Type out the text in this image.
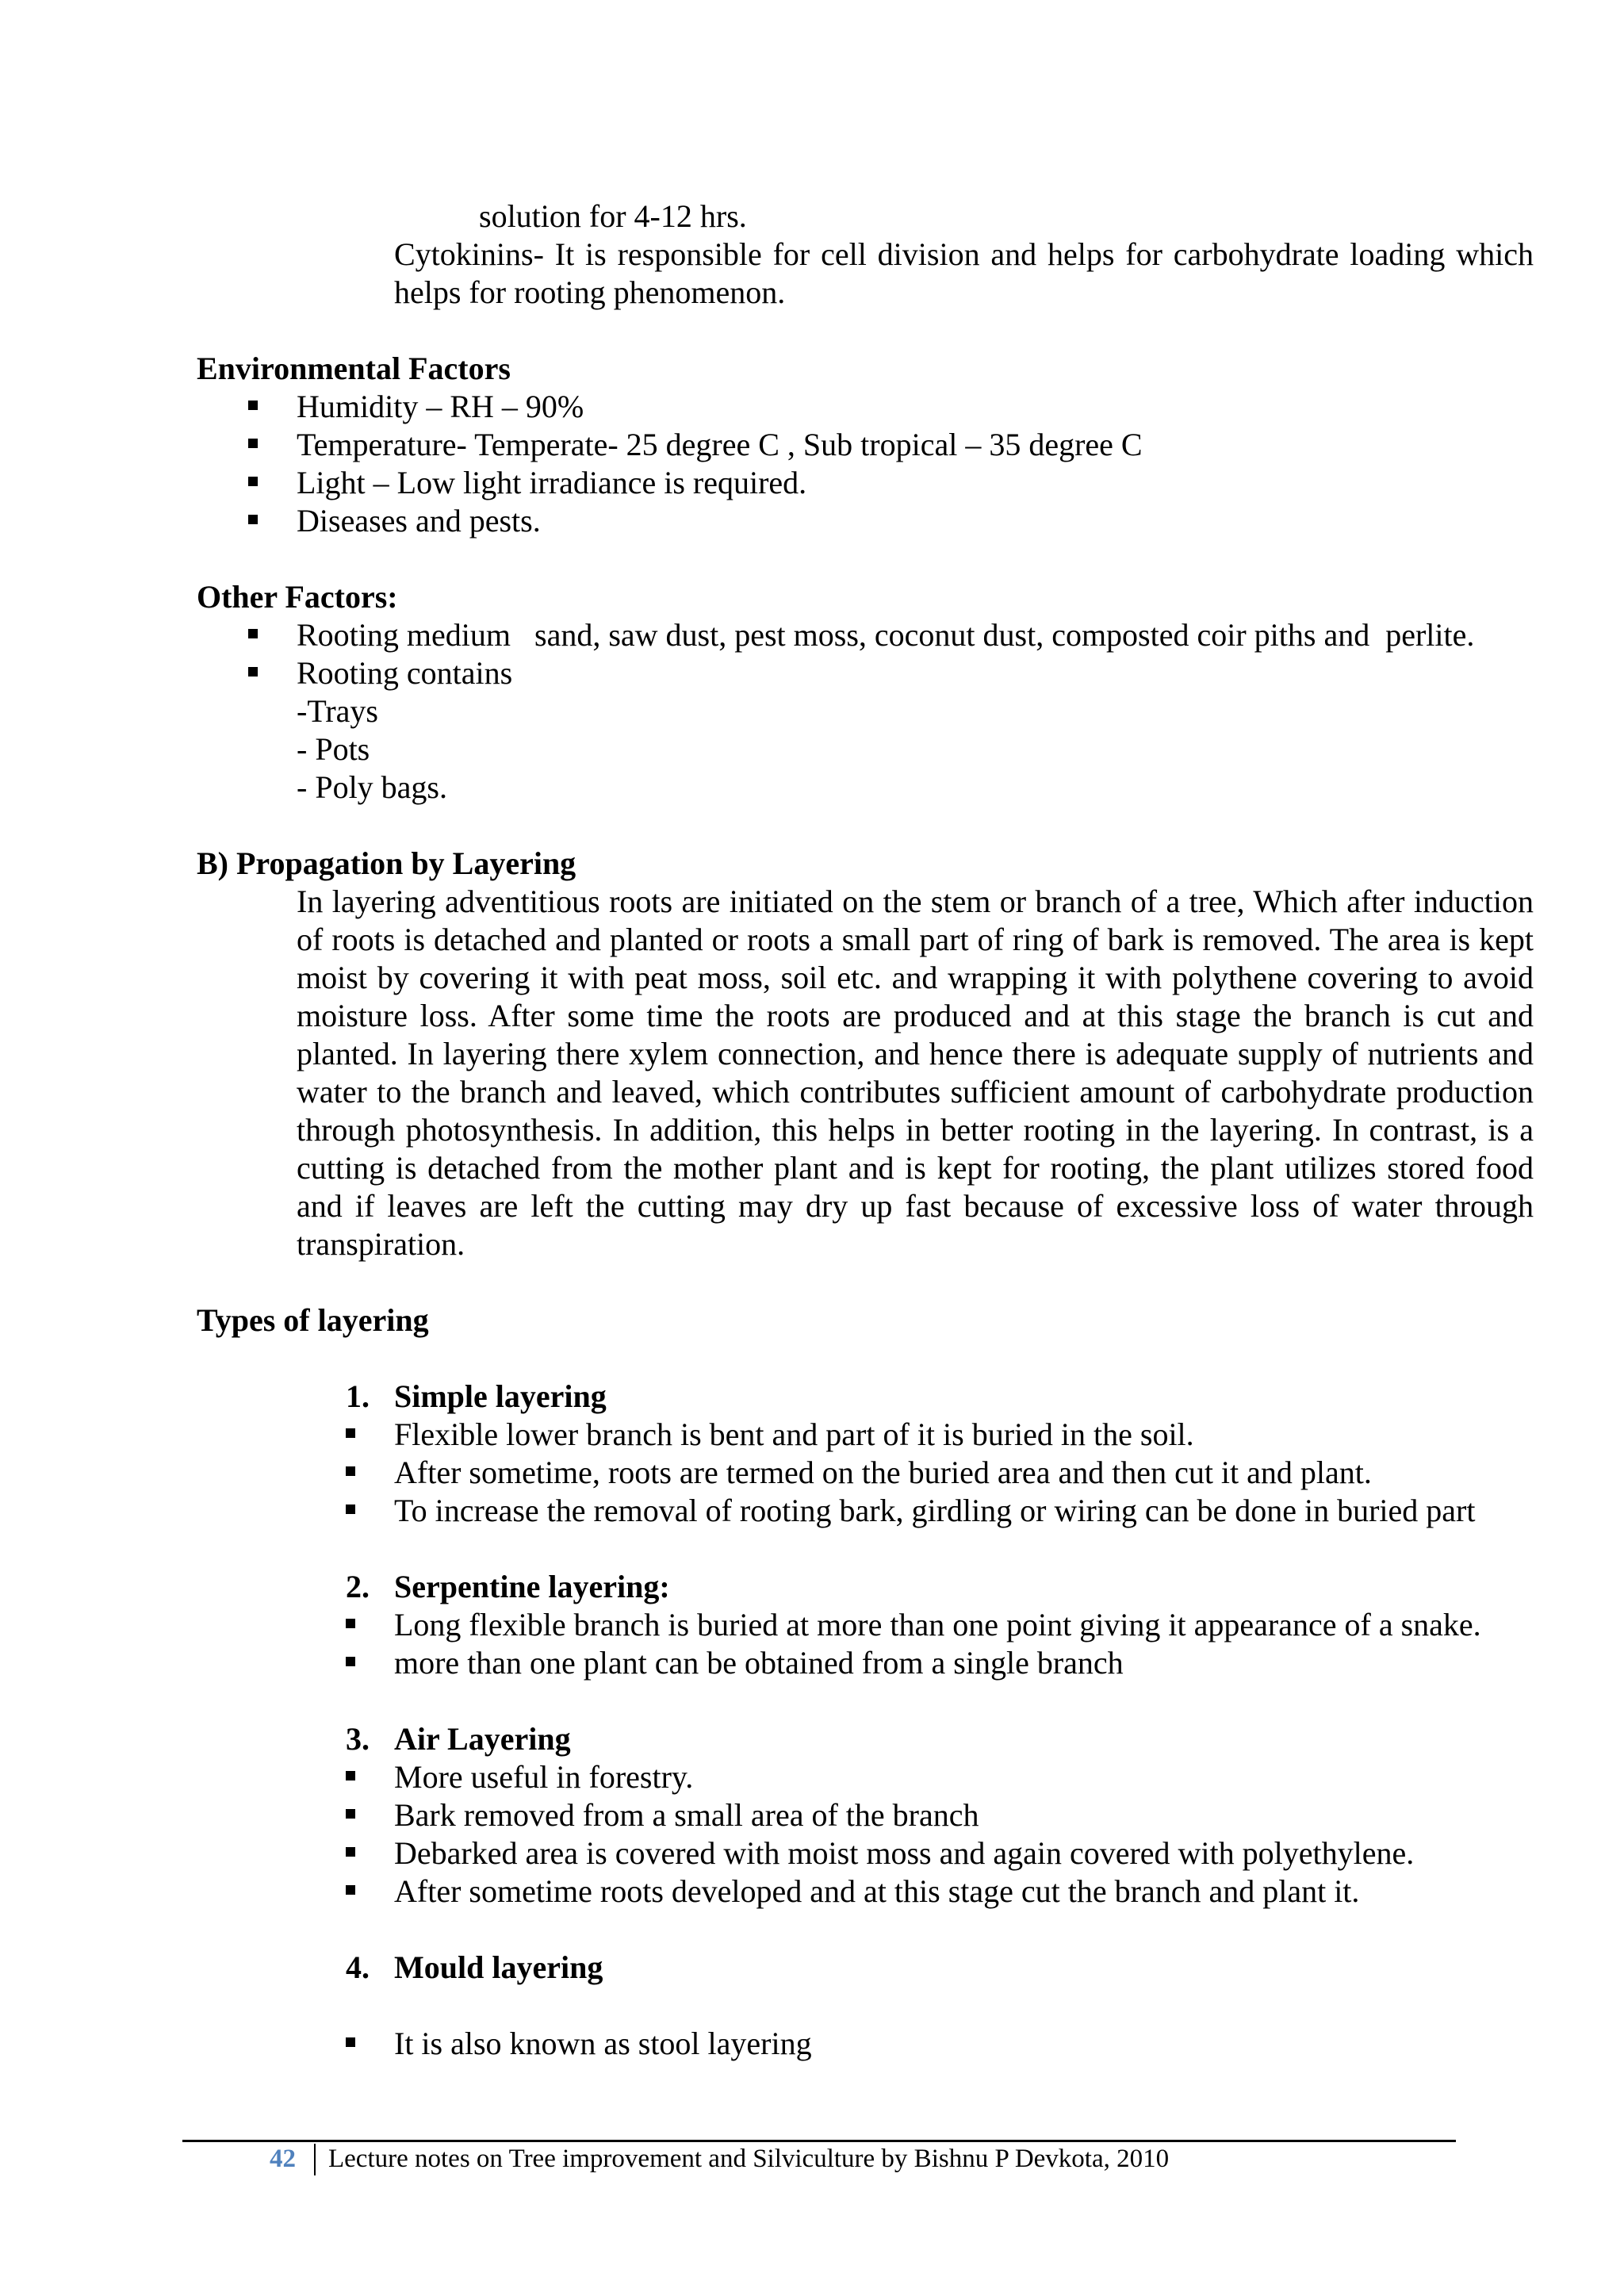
solution for 4-12 hrs.
Cytokinins- It is responsible for cell division and helps for carbohydrate loading which helps for rooting phenomenon.
Environmental Factors
Humidity – RH – 90%
Temperature- Temperate- 25 degree C , Sub tropical – 35 degree C
Light – Low light irradiance is required.
Diseases and pests.
Other Factors:
Rooting medium   sand, saw dust, pest moss, coconut dust, composted coir piths and  perlite.
Rooting contains
-Trays
- Pots
- Poly bags.
B) Propagation by Layering
In layering adventitious roots are initiated on the stem or branch of a tree, Which after induction of roots is detached and planted or roots a small part of ring of bark is removed. The area is kept moist by covering it with peat moss, soil etc. and wrapping it with polythene covering to avoid moisture loss. After some time the roots are produced and at this stage the branch is cut and planted. In layering there xylem connection, and hence there is adequate supply of nutrients and water to the branch and leaved, which contributes sufficient amount of carbohydrate production through photosynthesis. In addition, this helps in better rooting in the layering. In contrast, is a cutting is detached from the mother plant and is kept for rooting, the plant utilizes stored food and if leaves are left the cutting may dry up fast because of excessive loss of water through transpiration.
Types of layering
1. Simple layering
Flexible lower branch is bent and part of it is buried in the soil.
After sometime, roots are termed on the buried area and then cut it and plant.
To increase the removal of rooting bark, girdling or wiring can be done in buried part
2. Serpentine layering:
Long flexible branch is buried at more than one point giving it appearance of a snake.
more than one plant can be obtained from a single branch
3. Air Layering
More useful in forestry.
Bark removed from a small area of the branch
Debarked area is covered with moist moss and again covered with polyethylene.
After sometime roots developed and at this stage cut the branch and plant it.
4. Mould layering
It is also known as stool layering
42 Lecture notes on Tree improvement and Silviculture by Bishnu P Devkota, 2010
